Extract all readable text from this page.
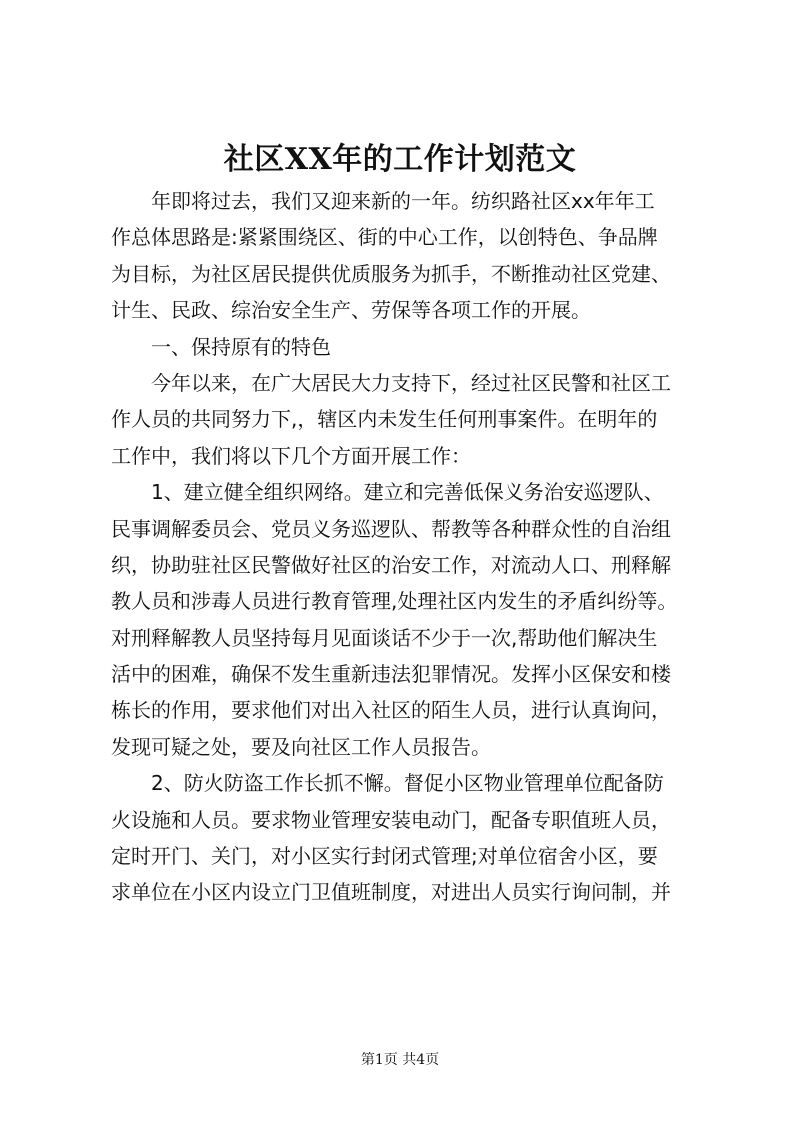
社区XX年的工作计划范文
年即将过去，我们又迎来新的一年。纺织路社区xx年年工
作总体思路是:紧紧围绕区、街的中心工作，以创特色、争品牌
为目标，为社区居民提供优质服务为抓手，不断推动社区党建、
计生、民政、综治安全生产、劳保等各项工作的开展。
一、保持原有的特色
今年以来，在广大居民大力支持下，经过社区民警和社区工
作人员的共同努力下,，辖区内未发生任何刑事案件。在明年的
工作中，我们将以下几个方面开展工作：
1、建立健全组织网络。建立和完善低保义务治安巡逻队、
民事调解委员会、党员义务巡逻队、帮教等各种群众性的自治组
织，协助驻社区民警做好社区的治安工作，对流动人口、刑释解
教人员和涉毒人员进行教育管理,处理社区内发生的矛盾纠纷等。
对刑释解教人员坚持每月见面谈话不少于一次,帮助他们解决生
活中的困难，确保不发生重新违法犯罪情况。发挥小区保安和楼
栋长的作用，要求他们对出入社区的陌生人员，进行认真询问，
发现可疑之处，要及向社区工作人员报告。
2、防火防盗工作长抓不懈。督促小区物业管理单位配备防
火设施和人员。要求物业管理安装电动门，配备专职值班人员，
定时开门、关门，对小区实行封闭式管理;对单位宿舍小区，要
求单位在小区内设立门卫值班制度，对进出人员实行询问制，并
第1页 共4页
